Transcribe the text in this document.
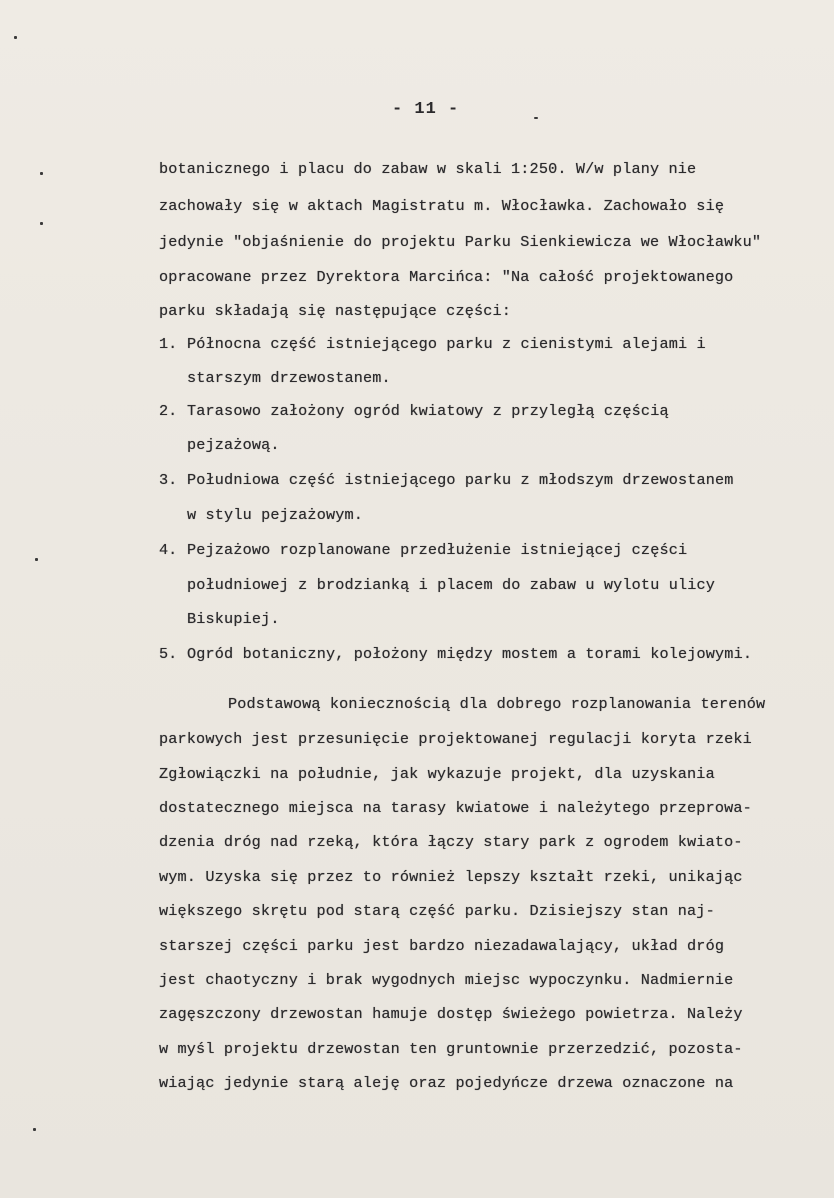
- 11 -
botanicznego i placu do zabaw w skali 1:250. W/w plany nie
zachowały się w aktach Magistratu m. Włocławka. Zachowało się
jedynie "objaśnienie do projektu Parku Sienkiewicza we Włocławku"
opracowane przez Dyrektora Marcińca: "Na całość projektowanego
parku składają się następujące części:
1. Północna część istniejącego parku z cienistymi alejami i
starszym drzewostanem.
2. Tarasowo założony ogród kwiatowy z przyległą częścią
pejzażową.
3. Południowa część istniejącego parku z młodszym drzewostanem
w stylu pejzażowym.
4. Pejzażowo rozplanowane przedłużenie istniejącej części
południowej z brodzianką i placem do zabaw u wylotu ulicy
Biskupiej.
5. Ogród botaniczny, położony między mostem a torami kolejowymi.
Podstawową koniecznością dla dobrego rozplanowania terenów
parkowych jest przesunięcie projektowanej regulacji koryta rzeki
Zgłowiączki na południe, jak wykazuje projekt, dla uzyskania
dostatecznego miejsca na tarasy kwiatowe i należytego przeprowa-
dzenia dróg nad rzeką, która łączy stary park z ogrodem kwiato-
wym. Uzyska się przez to również lepszy kształt rzeki, unikając
większego skrętu pod starą część parku. Dzisiejszy stan naj-
starszej części parku jest bardzo niezadawalający, układ dróg
jest chaotyczny i brak wygodnych miejsc wypoczynku. Nadmiernie
zagęszczony drzewostan hamuje dostęp świeżego powietrza. Należy
w myśl projektu drzewostan ten gruntownie przerzedzić, pozosta-
wiając jedynie starą aleję oraz pojedyńcze drzewa oznaczone na
